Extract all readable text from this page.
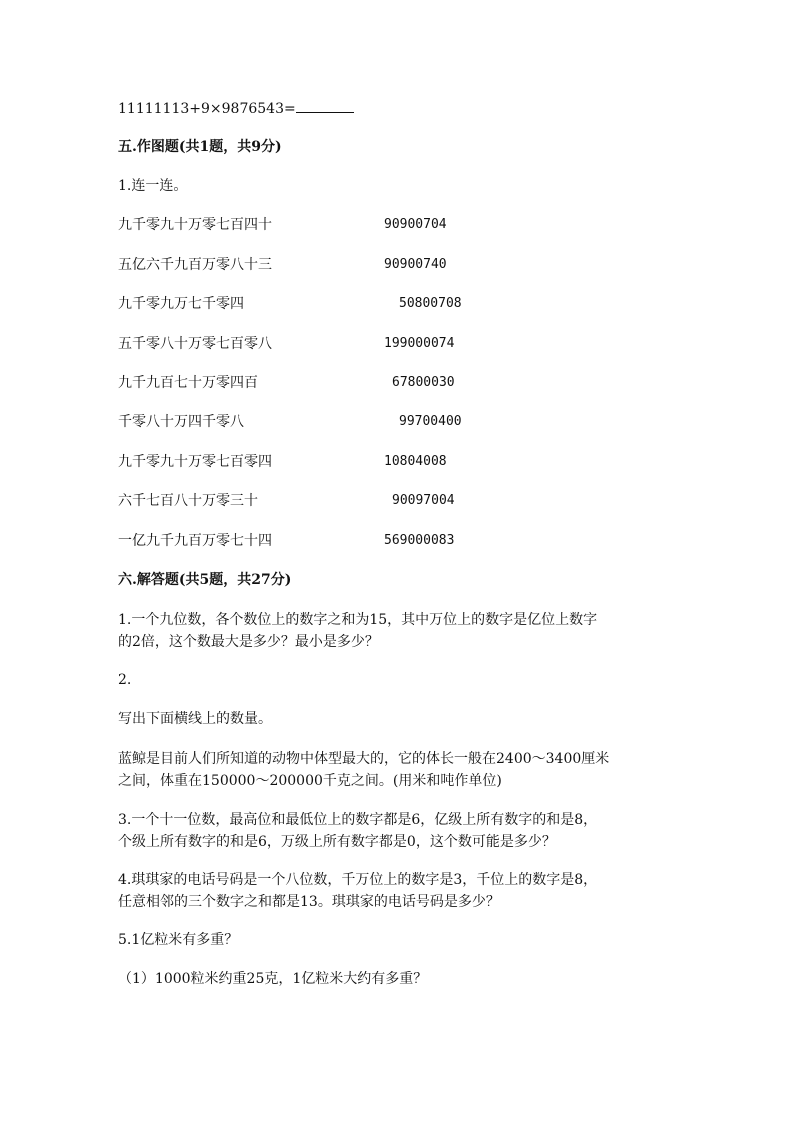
11111113+9×9876543=
五.作图题(共1题，共9分)
1.连一连。
九千零九十万零七百四十	90900704
五亿六千九百万零八十三	90900740
九千零九万七千零四	50800708
五千零八十万零七百零八	199000074
九千九百七十万零四百	67800030
千零八十万四千零八	99700400
九千零九十万零七百零四	10804008
六千七百八十万零三十	90097004
一亿九千九百万零七十四	569000083
六.解答题(共5题，共27分)
1.一个九位数，各个数位上的数字之和为15，其中万位上的数字是亿位上数字
的2倍，这个数最大是多少？最小是多少？
2.
写出下面横线上的数量。
蓝鲸是目前人们所知道的动物中体型最大的，它的体长一般在2400～3400厘米
之间，体重在150000～200000千克之间。(用米和吨作单位)
3.一个十一位数，最高位和最低位上的数字都是6，亿级上所有数字的和是8，
个级上所有数字的和是6，万级上所有数字都是0，这个数可能是多少？
4.琪琪家的电话号码是一个八位数，千万位上的数字是3，千位上的数字是8，
任意相邻的三个数字之和都是13。琪琪家的电话号码是多少？
5.1亿粒米有多重？
（1）1000粒米约重25克，1亿粒米大约有多重？
